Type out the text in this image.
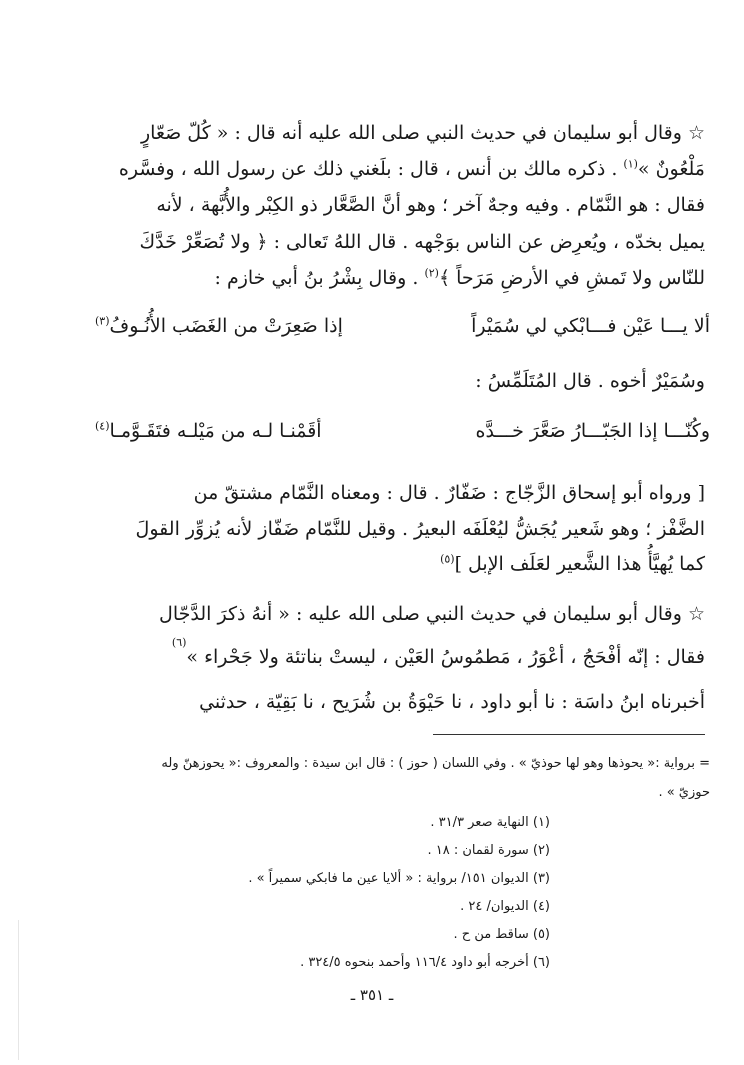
☆ وقال أبو سليمان في حديث النبي صلى الله عليه أنه قال : « كُلّ صَعّارٍ
مَلْعُونٌ »$^{(١)}$ . ذكره مالك بن أنس ، قال : بلَغني ذلك عن رسول الله ، وفسَّره
فقال : هو النَّمّام . وفيه وجهٌ آخر ؛ وهو أنَّ الصَّعَّار ذو الكِبْر والأُبَّهة ، لأنه
يميل بخدّه ، ويُعرِض عن الناس بوَجْهه . قال اللهُ تَعالى : ﴿ ولا تُصَعِّرْ خَدَّكَ
للنّاس ولا تَمشِ في الأرضِ مَرَحاً ﴾$^{(٢)}$ . وقال بِشْرُ بنُ أبي خازم :
ألا يـــا عَيْن فـــابْكي لي سُمَيْراً
إذا صَعِرَتْ من الغَضَب الأُنُـوفُ$^{(٣)}$
وسُمَيْرٌ أخوه . قال المُتَلَمِّسُ :
وكُنّـــا إذا الجَبّـــارُ صَعَّرَ خـــدَّه
أقَمْنـا لـه من مَيْلـه فتَقَـوَّمـا$^{(٤)}$
[ ورواه أبو إسحاق الزَّجّاج : ضَفّارٌ . قال : ومعناه النَّمّام مشتقّ من
الضَّفْز ؛ وهو شَعير يُجَشُّ ليُعْلَفَه البعيرُ . وقيل للنَّمّام ضَفّاز لأنه يُزوِّر القولَ
كما يُهيَّأُ هذا الشَّعير لعَلَف الإبل ]$^{(٥)}$
☆ وقال أبو سليمان في حديث النبي صلى الله عليه : « أنهُ ذكرَ الدَّجّال
فقال : إنّه أفْحَجُ ، أعْوَرُ ، مَطمُوسُ العَيْن ، ليستْ بناتئة ولا جَحْراء »$^{(٦)}$
أخبرناه ابنُ داسَة : نا أبو داود ، نا حَيْوَةُ بن شُرَيح ، نا بَقِيّة ، حدثني
= برواية :« يحوذها وهو لها حوذيّ » . وفي اللسان ( حوز ) : قال ابن سيدة : والمعروف :« يحوزهنّ وله
حوزيّ » .
(١) النهاية صعر ٣١/٣ .
(٢) سورة لقمان : ١٨ .
(٣) الديوان ١٥١/ برواية : « ألايا عين ما فابكي سميراً » .
(٤) الديوان/ ٢٤ .
(٥) ساقط من ح .
(٦) أخرجه أبو داود ١١٦/٤ وأحمد بنحوه ٣٢٤/٥ .
ـ ٣٥١ ـ
